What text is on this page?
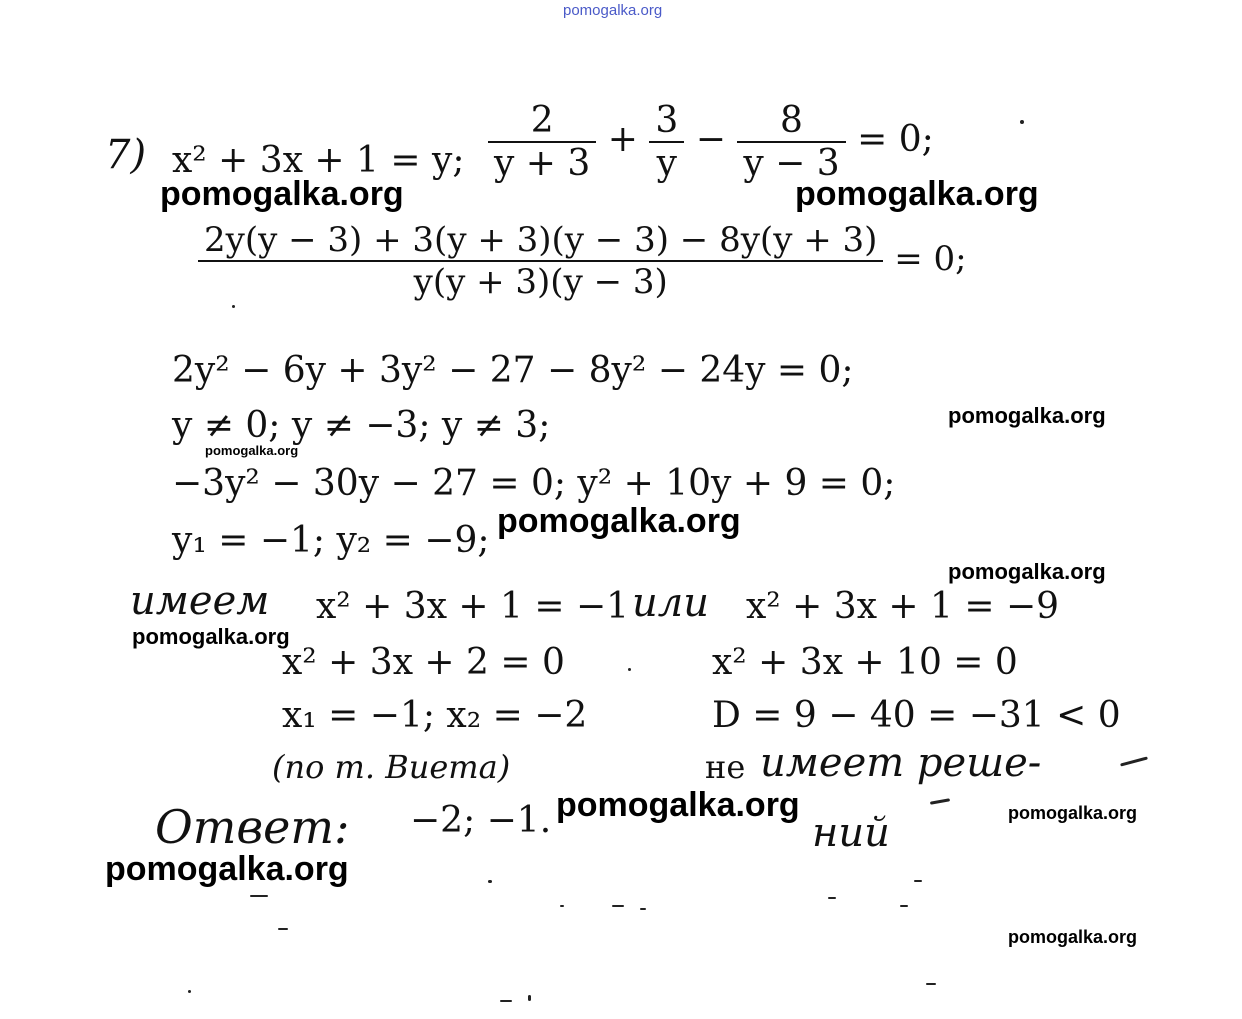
pomogalka.org
7) x² + 3x + 1 = y; $\frac{2}{y + 3} + \frac{3}{y} - \frac{8}{y - 3} = 0$;
pomogalka.org	pomogalka.org
$\frac{2y(y - 3) + 3(y + 3)(y - 3) - 8y(y + 3)}{y(y + 3)(y - 3)} = 0$;
2y² − 6y + 3y² − 27 − 8y² − 24y = 0;
y ≠ 0; y ≠ −3; y ≠ 3;
pomogalka.org
pomogalka.org
−3y² − 30y − 27 = 0; y² + 10y + 9 = 0;
y₁ = −1; y₂ = −9; pomogalka.org
pomogalka.org
имеем x² + 3x + 1 = −1 или x² + 3x + 1 = −9
pomogalka.org
x² + 3x + 2 = 0	x² + 3x + 10 = 0
x₁ = −1; x₂ = −2	D = 9 − 40 = −31 < 0
(по т. Виета)	не имеет реше-
ний
Ответ: −2; −1. pomogalka.org	pomogalka.org
pomogalka.org
pomogalka.org
